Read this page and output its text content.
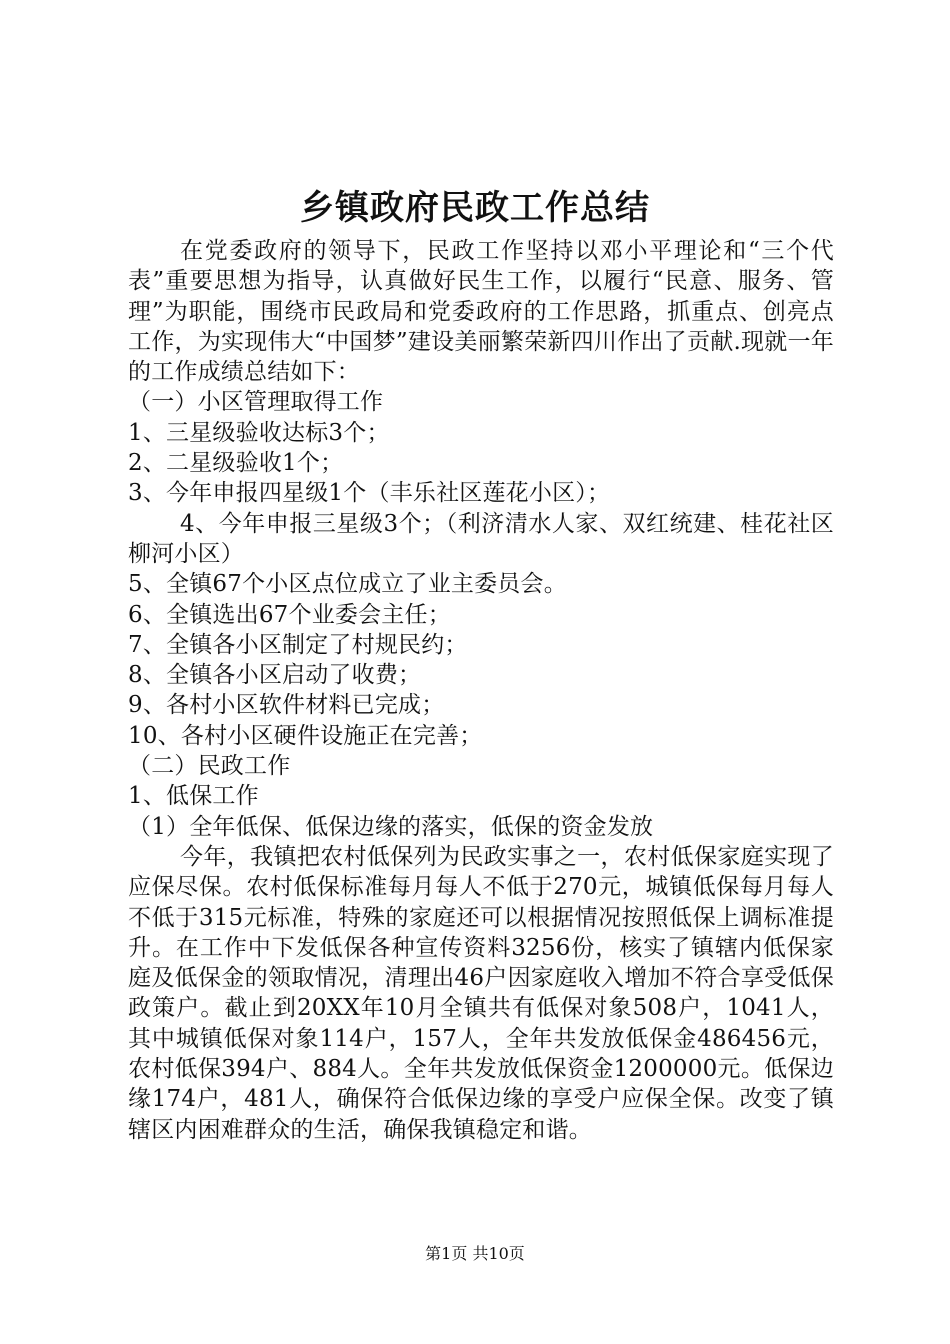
乡镇政府民政工作总结

在党委政府的领导下，民政工作坚持以邓小平理论和“三个代表”重要思想为指导，认真做好民生工作，以履行“民意、服务、管理”为职能，围绕市民政局和党委政府的工作思路，抓重点、创亮点工作，为实现伟大“中国梦”建设美丽繁荣新四川作出了贡献.现就一年的工作成绩总结如下：

（一）小区管理取得工作

1、三星级验收达标3个；

2、二星级验收1个；

3、今年申报四星级1个（丰乐社区莲花小区）；

4、今年申报三星级3个；（利济清水人家、双红统建、桂花社区柳河小区）

5、全镇67个小区点位成立了业主委员会。

6、全镇选出67个业委会主任；

7、全镇各小区制定了村规民约；

8、全镇各小区启动了收费；

9、各村小区软件材料已完成；

10、各村小区硬件设施正在完善；

（二）民政工作

1、低保工作

（1）全年低保、低保边缘的落实，低保的资金发放

今年，我镇把农村低保列为民政实事之一，农村低保家庭实现了应保尽保。农村低保标准每月每人不低于270元，城镇低保每月每人不低于315元标准，特殊的家庭还可以根据情况按照低保上调标准提升。在工作中下发低保各种宣传资料3256份，核实了镇辖内低保家庭及低保金的领取情况，清理出46户因家庭收入增加不符合享受低保政策户。截止到20XX年10月全镇共有低保对象508户，1041人，其中城镇低保对象114户，157人，全年共发放低保金486456元，农村低保394户、884人。全年共发放低保资金1200000元。低保边缘174户，481人，确保符合低保边缘的享受户应保全保。改变了镇辖区内困难群众的生活，确保我镇稳定和谐。

第1页 共10页
